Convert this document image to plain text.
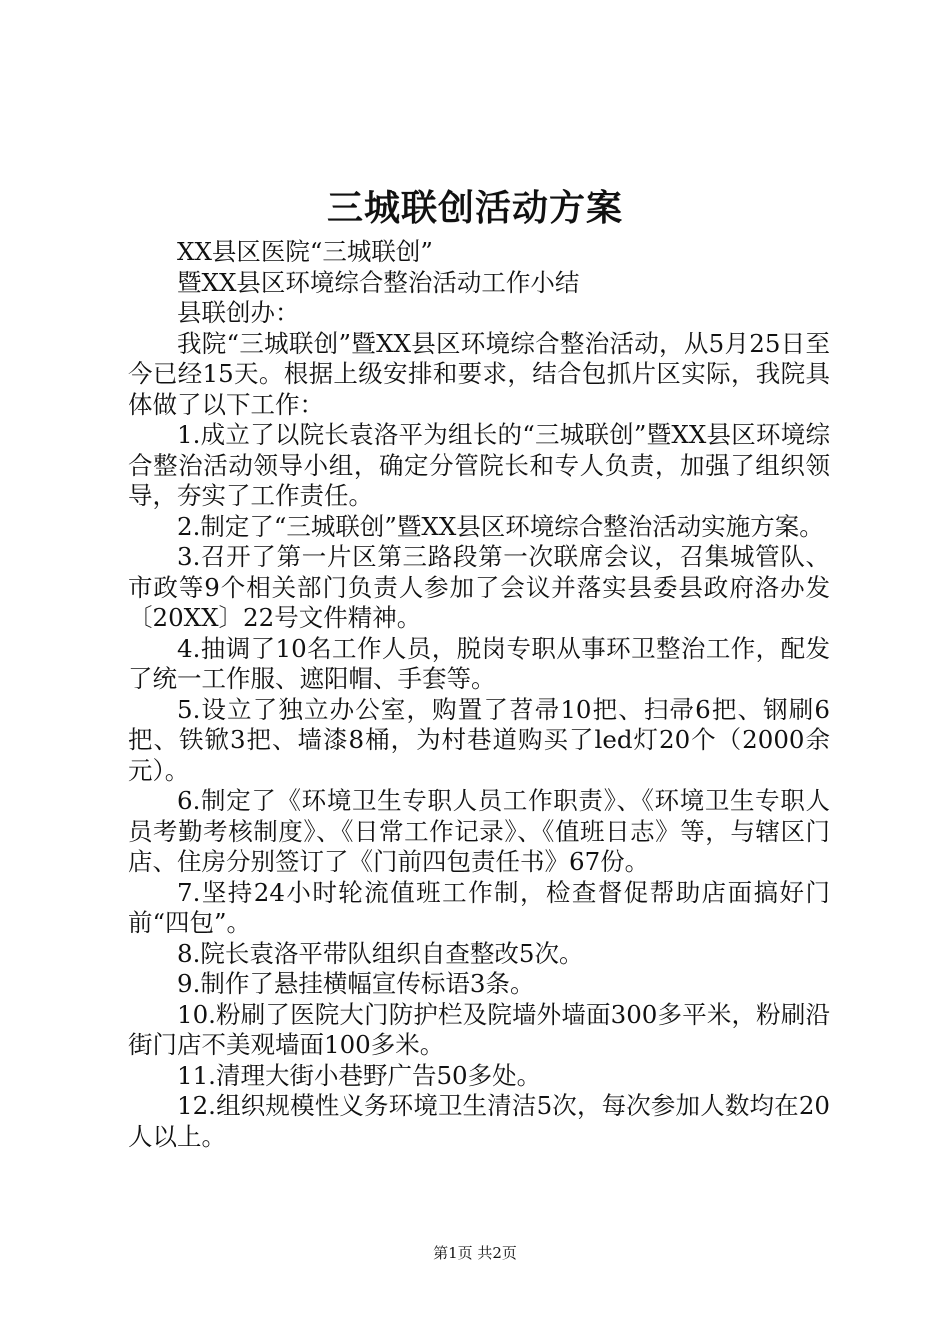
三城联创活动方案

XX县区医院“三城联创”

暨XX县区环境综合整治活动工作小结

县联创办：

我院“三城联创”暨XX县区环境综合整治活动，从5月25日至今已经15天。根据上级安排和要求，结合包抓片区实际，我院具体做了以下工作：

1.成立了以院长袁洛平为组长的“三城联创”暨XX县区环境综合整治活动领导小组，确定分管院长和专人负责，加强了组织领导，夯实了工作责任。

2.制定了“三城联创”暨XX县区环境综合整治活动实施方案。

3.召开了第一片区第三路段第一次联席会议，召集城管队、市政等9个相关部门负责人参加了会议并落实县委县政府洛办发〔20XX〕22号文件精神。

4.抽调了10名工作人员，脱岗专职从事环卫整治工作，配发了统一工作服、遮阳帽、手套等。

5.设立了独立办公室，购置了苕帚10把、扫帚6把、钢刷6把、铁锨3把、墙漆8桶，为村巷道购买了led灯20个（2000余元）。

6.制定了《环境卫生专职人员工作职责》、《环境卫生专职人员考勤考核制度》、《日常工作记录》、《值班日志》等，与辖区门店、住房分别签订了《门前四包责任书》67份。

7.坚持24小时轮流值班工作制，检查督促帮助店面搞好门前“四包”。

8.院长袁洛平带队组织自查整改5次。

9.制作了悬挂横幅宣传标语3条。

10.粉刷了医院大门防护栏及院墙外墙面300多平米，粉刷沿街门店不美观墙面100多米。

11.清理大街小巷野广告50多处。

12.组织规模性义务环境卫生清洁5次，每次参加人数均在20人以上。

第1页 共2页
